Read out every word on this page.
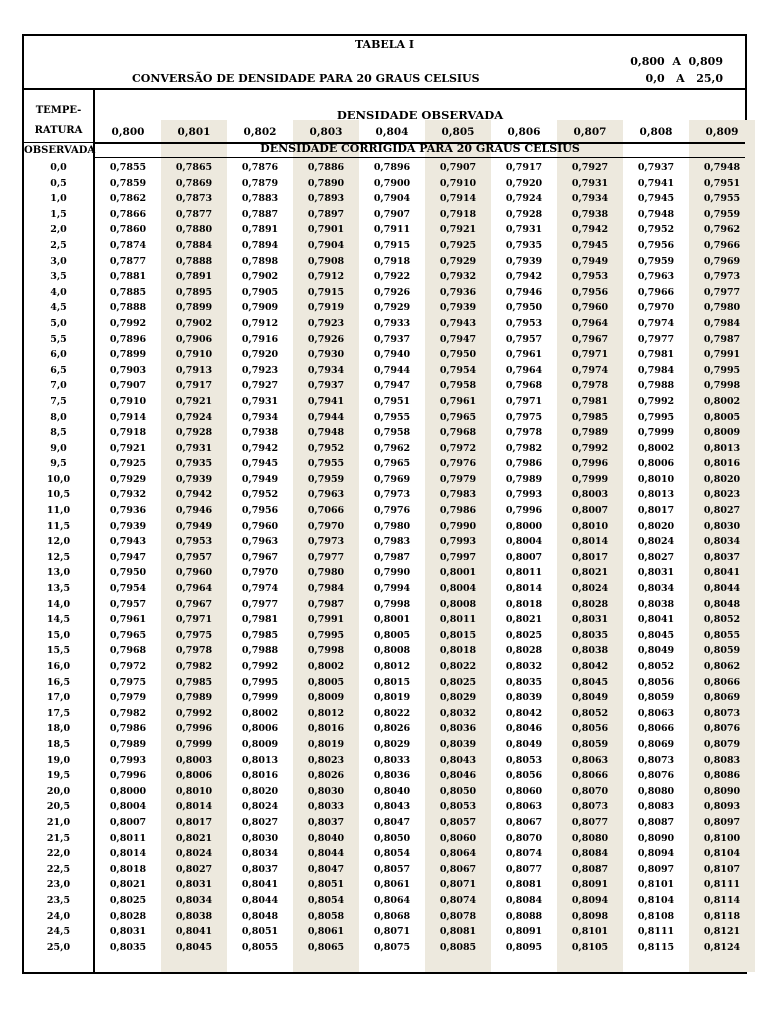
TABELA I
0,800  A  0,809
0,0   A   25,0
CONVERSÃO DE DENSIDADE PARA 20 GRAUS CELSIUS
TEMPE-
RATURA
OBSERVADA
DENSIDADE OBSERVADA
0,800	0,801	0,802	0,803	0,804	0,805	0,806	0,807	0,808	0,809
DENSIDADE CORRIGIDA PARA 20 GRAUS CELSIUS
0,0	0,7855	0,7865	0,7876	0,7886	0,7896	0,7907	0,7917	0,7927	0,7937	0,7948
0,5	0,7859	0,7869	0,7879	0,7890	0,7900	0,7910	0,7920	0,7931	0,7941	0,7951
1,0	0,7862	0,7873	0,7883	0,7893	0,7904	0,7914	0,7924	0,7934	0,7945	0,7955
1,5	0,7866	0,7877	0,7887	0,7897	0,7907	0,7918	0,7928	0,7938	0,7948	0,7959
2,0	0,7860	0,7880	0,7891	0,7901	0,7911	0,7921	0,7931	0,7942	0,7952	0,7962
2,5	0,7874	0,7884	0,7894	0,7904	0,7915	0,7925	0,7935	0,7945	0,7956	0,7966
3,0	0,7877	0,7888	0,7898	0,7908	0,7918	0,7929	0,7939	0,7949	0,7959	0,7969
3,5	0,7881	0,7891	0,7902	0,7912	0,7922	0,7932	0,7942	0,7953	0,7963	0,7973
4,0	0,7885	0,7895	0,7905	0,7915	0,7926	0,7936	0,7946	0,7956	0,7966	0,7977
4,5	0,7888	0,7899	0,7909	0,7919	0,7929	0,7939	0,7950	0,7960	0,7970	0,7980
5,0	0,7992	0,7902	0,7912	0,7923	0,7933	0,7943	0,7953	0,7964	0,7974	0,7984
5,5	0,7896	0,7906	0,7916	0,7926	0,7937	0,7947	0,7957	0,7967	0,7977	0,7987
6,0	0,7899	0,7910	0,7920	0,7930	0,7940	0,7950	0,7961	0,7971	0,7981	0,7991
6,5	0,7903	0,7913	0,7923	0,7934	0,7944	0,7954	0,7964	0,7974	0,7984	0,7995
7,0	0,7907	0,7917	0,7927	0,7937	0,7947	0,7958	0,7968	0,7978	0,7988	0,7998
7,5	0,7910	0,7921	0,7931	0,7941	0,7951	0,7961	0,7971	0,7981	0,7992	0,8002
8,0	0,7914	0,7924	0,7934	0,7944	0,7955	0,7965	0,7975	0,7985	0,7995	0,8005
8,5	0,7918	0,7928	0,7938	0,7948	0,7958	0,7968	0,7978	0,7989	0,7999	0,8009
9,0	0,7921	0,7931	0,7942	0,7952	0,7962	0,7972	0,7982	0,7992	0,8002	0,8013
9,5	0,7925	0,7935	0,7945	0,7955	0,7965	0,7976	0,7986	0,7996	0,8006	0,8016
10,0	0,7929	0,7939	0,7949	0,7959	0,7969	0,7979	0,7989	0,7999	0,8010	0,8020
10,5	0,7932	0,7942	0,7952	0,7963	0,7973	0,7983	0,7993	0,8003	0,8013	0,8023
11,0	0,7936	0,7946	0,7956	0,7066	0,7976	0,7986	0,7996	0,8007	0,8017	0,8027
11,5	0,7939	0,7949	0,7960	0,7970	0,7980	0,7990	0,8000	0,8010	0,8020	0,8030
12,0	0,7943	0,7953	0,7963	0,7973	0,7983	0,7993	0,8004	0,8014	0,8024	0,8034
12,5	0,7947	0,7957	0,7967	0,7977	0,7987	0,7997	0,8007	0,8017	0,8027	0,8037
13,0	0,7950	0,7960	0,7970	0,7980	0,7990	0,8001	0,8011	0,8021	0,8031	0,8041
13,5	0,7954	0,7964	0,7974	0,7984	0,7994	0,8004	0,8014	0,8024	0,8034	0,8044
14,0	0,7957	0,7967	0,7977	0,7987	0,7998	0,8008	0,8018	0,8028	0,8038	0,8048
14,5	0,7961	0,7971	0,7981	0,7991	0,8001	0,8011	0,8021	0,8031	0,8041	0,8052
15,0	0,7965	0,7975	0,7985	0,7995	0,8005	0,8015	0,8025	0,8035	0,8045	0,8055
15,5	0,7968	0,7978	0,7988	0,7998	0,8008	0,8018	0,8028	0,8038	0,8049	0,8059
16,0	0,7972	0,7982	0,7992	0,8002	0,8012	0,8022	0,8032	0,8042	0,8052	0,8062
16,5	0,7975	0,7985	0,7995	0,8005	0,8015	0,8025	0,8035	0,8045	0,8056	0,8066
17,0	0,7979	0,7989	0,7999	0,8009	0,8019	0,8029	0,8039	0,8049	0,8059	0,8069
17,5	0,7982	0,7992	0,8002	0,8012	0,8022	0,8032	0,8042	0,8052	0,8063	0,8073
18,0	0,7986	0,7996	0,8006	0,8016	0,8026	0,8036	0,8046	0,8056	0,8066	0,8076
18,5	0,7989	0,7999	0,8009	0,8019	0,8029	0,8039	0,8049	0,8059	0,8069	0,8079
19,0	0,7993	0,8003	0,8013	0,8023	0,8033	0,8043	0,8053	0,8063	0,8073	0,8083
19,5	0,7996	0,8006	0,8016	0,8026	0,8036	0,8046	0,8056	0,8066	0,8076	0,8086
20,0	0,8000	0,8010	0,8020	0,8030	0,8040	0,8050	0,8060	0,8070	0,8080	0,8090
20,5	0,8004	0,8014	0,8024	0,8033	0,8043	0,8053	0,8063	0,8073	0,8083	0,8093
21,0	0,8007	0,8017	0,8027	0,8037	0,8047	0,8057	0,8067	0,8077	0,8087	0,8097
21,5	0,8011	0,8021	0,8030	0,8040	0,8050	0,8060	0,8070	0,8080	0,8090	0,8100
22,0	0,8014	0,8024	0,8034	0,8044	0,8054	0,8064	0,8074	0,8084	0,8094	0,8104
22,5	0,8018	0,8027	0,8037	0,8047	0,8057	0,8067	0,8077	0,8087	0,8097	0,8107
23,0	0,8021	0,8031	0,8041	0,8051	0,8061	0,8071	0,8081	0,8091	0,8101	0,8111
23,5	0,8025	0,8034	0,8044	0,8054	0,8064	0,8074	0,8084	0,8094	0,8104	0,8114
24,0	0,8028	0,8038	0,8048	0,8058	0,8068	0,8078	0,8088	0,8098	0,8108	0,8118
24,5	0,8031	0,8041	0,8051	0,8061	0,8071	0,8081	0,8091	0,8101	0,8111	0,8121
25,0	0,8035	0,8045	0,8055	0,8065	0,8075	0,8085	0,8095	0,8105	0,8115	0,8124
